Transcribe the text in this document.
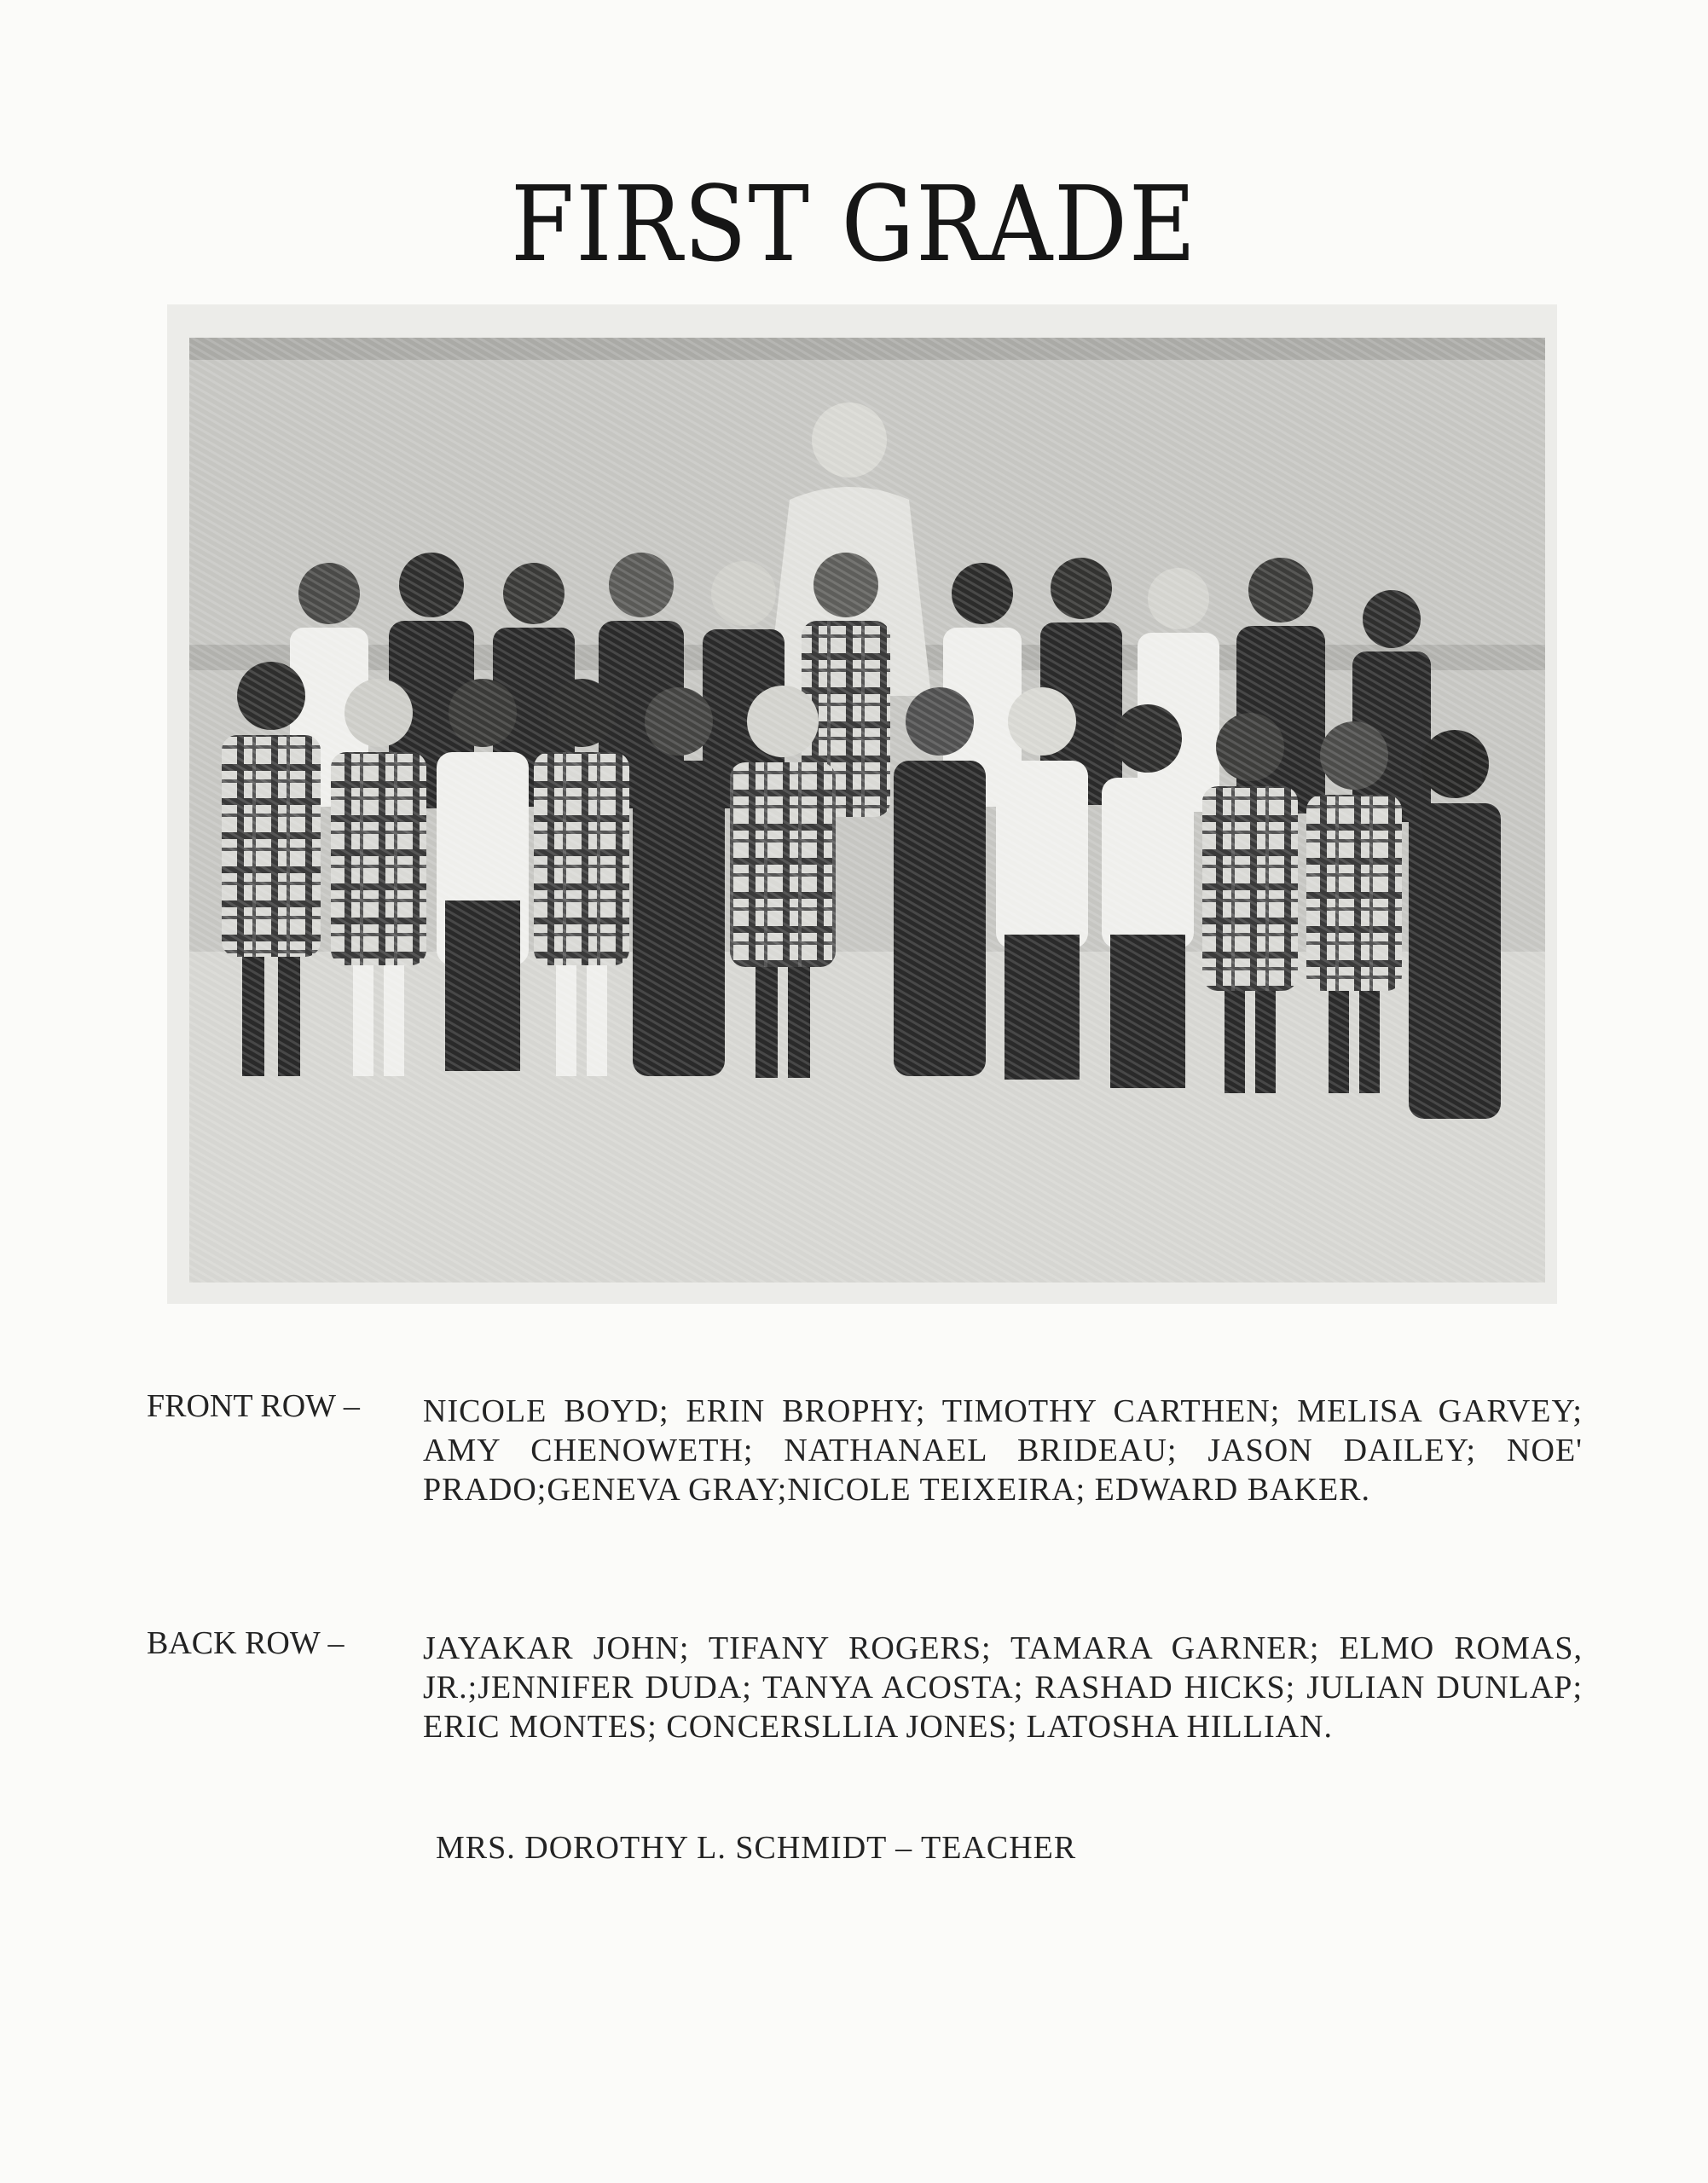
FIRST GRADE
FRONT ROW – NICOLE BOYD; ERIN BROPHY; TIMOTHY CARTHEN; MELISA GARVEY; AMY CHENOWETH; NATHANAEL BRIDEAU; JASON DAILEY; NOE' PRADO;GENEVA GRAY;NICOLE TEIXEIRA; EDWARD BAKER.
BACK ROW – JAYAKAR JOHN; TIFANY ROGERS; TAMARA GARNER; ELMO ROMAS, JR.;JENNIFER DUDA; TANYA ACOSTA; RASHAD HICKS; JULIAN DUNLAP; ERIC MONTES; CONCERSLLIA JONES; LATOSHA HILLIAN.
MRS. DOROTHY L. SCHMIDT – TEACHER
